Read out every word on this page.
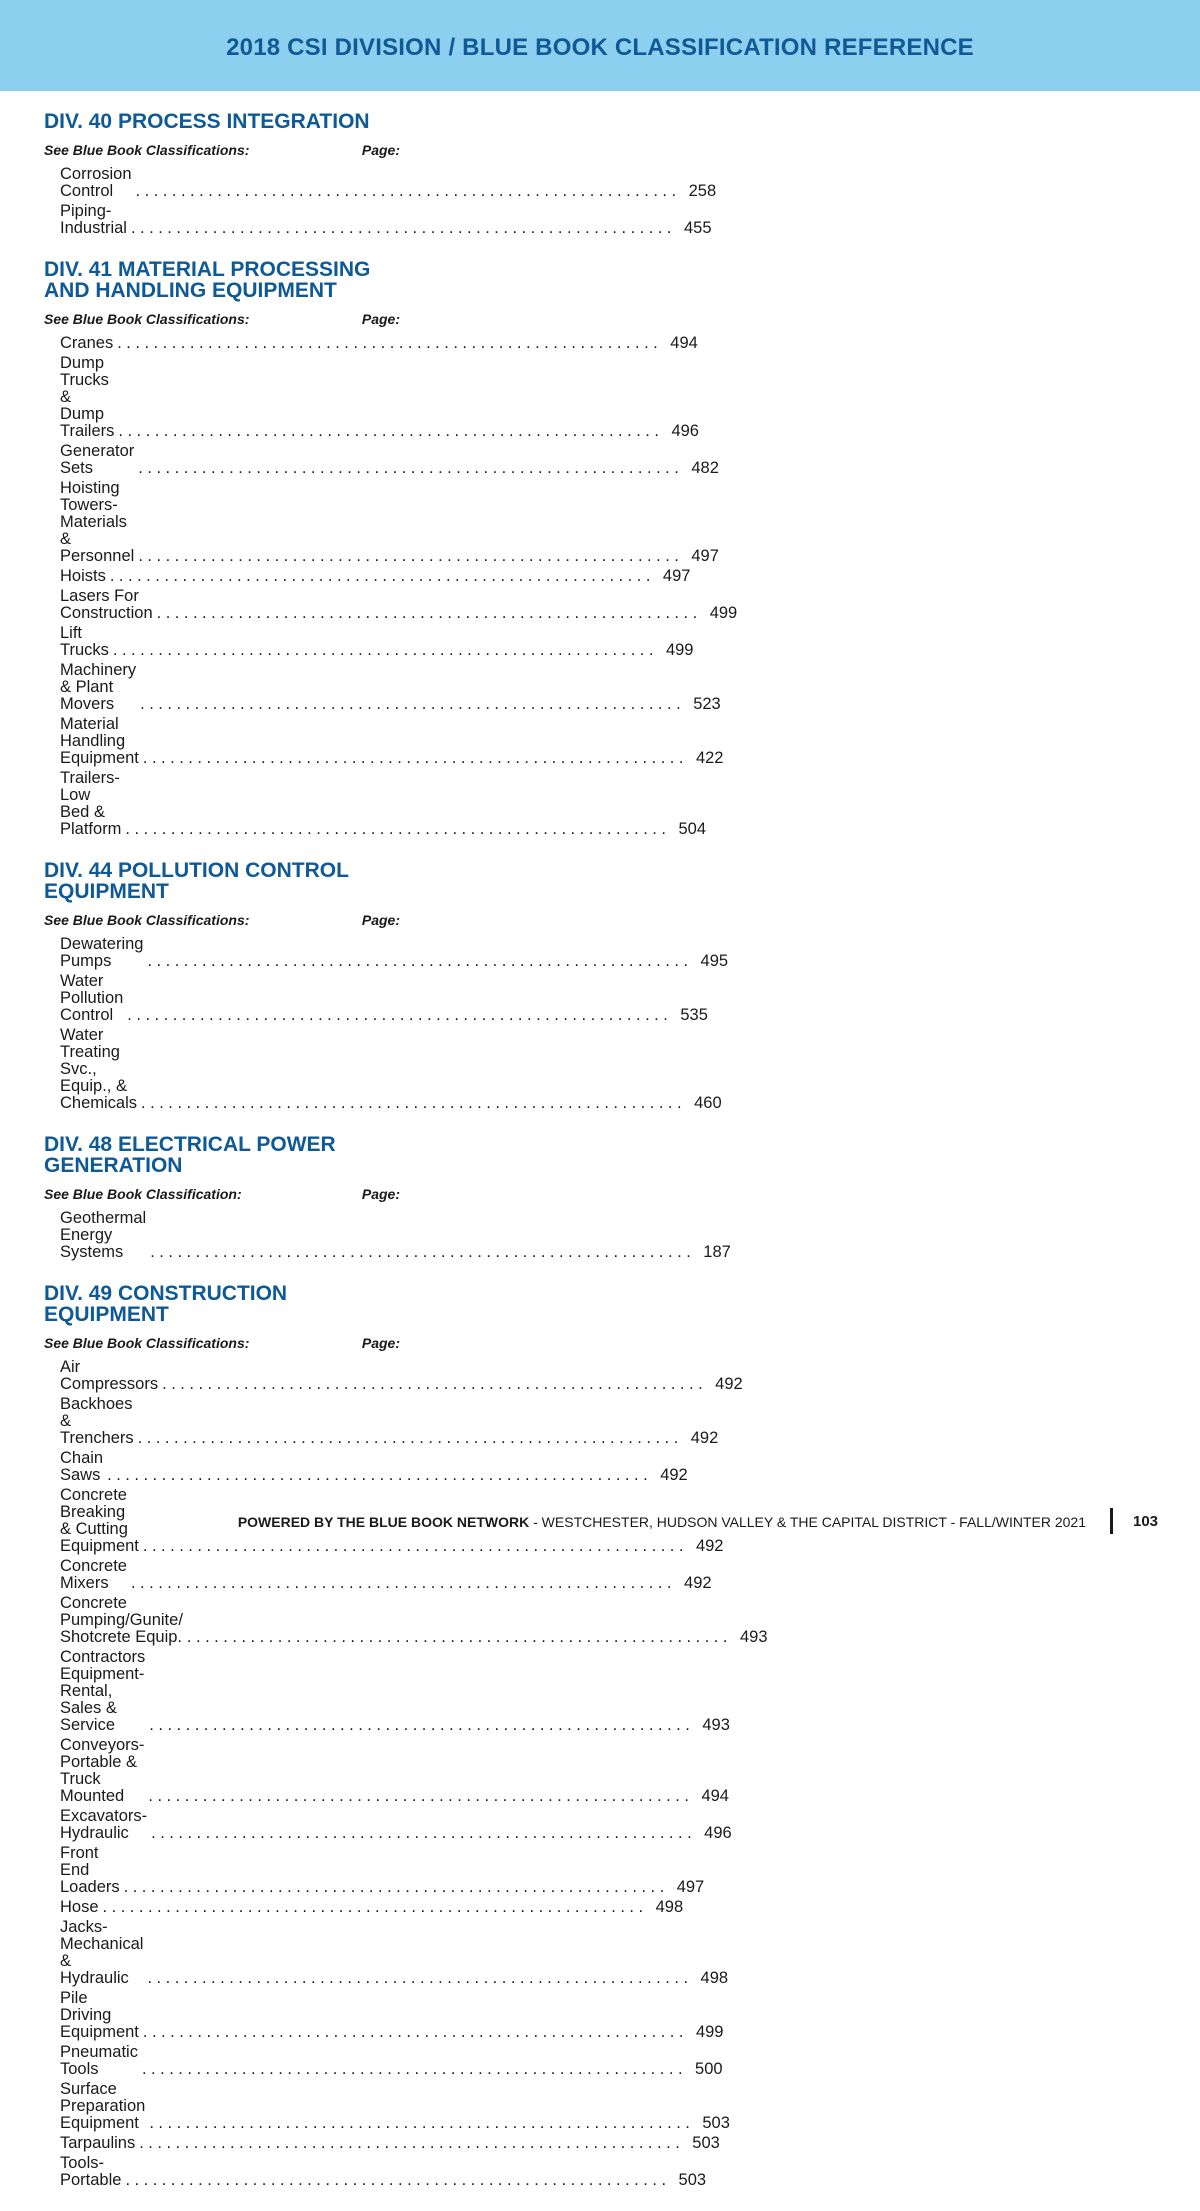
2018 CSI DIVISION / BLUE BOOK CLASSIFICATION REFERENCE
DIV. 40 PROCESS INTEGRATION
See Blue Book Classifications:	Page:
Corrosion Control	............................................................ 258
Piping-Industrial ............................................................ 455
DIV. 41 MATERIAL PROCESSING
AND HANDLING EQUIPMENT
See Blue Book Classifications:	Page:
Cranes ............................................................ 494
Dump Trucks & Dump Trailers ............................................................ 496
Generator Sets	............................................................ 482
Hoisting Towers-Materials &
Personnel ............................................................ 497
Hoists ............................................................ 497
Lasers For Construction ............................................................ 499
Lift Trucks ............................................................ 499
Machinery & Plant Movers	............................................................ 523
Material Handling Equipment ............................................................ 422
Trailers-Low Bed & Platform ............................................................ 504
DIV. 44 POLLUTION CONTROL
EQUIPMENT
See Blue Book Classifications:	Page:
Dewatering Pumps	............................................................ 495
Water Pollution Control ............................................................ 535
Water Treating Svc., Equip., &
Chemicals ............................................................ 460
DIV. 48 ELECTRICAL POWER
GENERATION
See Blue Book Classification:	Page:
Geothermal Energy Systems	............................................................ 187
DIV. 49 CONSTRUCTION
EQUIPMENT
See Blue Book Classifications:	Page:
Air Compressors ............................................................ 492
Backhoes & Trenchers ............................................................ 492
Chain Saws ............................................................ 492
Concrete Breaking & Cutting
Equipment ............................................................ 492
Concrete Mixers	............................................................ 492
Concrete Pumping/Gunite/
Shotcrete Equip. ............................................................ 493
Contractors Equipment-Rental,
Sales & Service	............................................................ 493
Conveyors-Portable & Truck
Mounted	............................................................ 494
Excavators-Hydraulic	............................................................ 496
Front End Loaders ............................................................ 497
Hose ............................................................ 498
Jacks-Mechanical & Hydraulic	............................................................ 498
Pile Driving Equipment ............................................................ 499
Pneumatic Tools	............................................................ 500
Surface Preparation Equipment ............................................................ 503
Tarpaulins ............................................................ 503
Tools-Portable ............................................................ 503
POWERED BY THE BLUE BOOK NETWORK - WESTCHESTER, HUDSON VALLEY & THE CAPITAL DISTRICT - FALL/WINTER 2021	103
